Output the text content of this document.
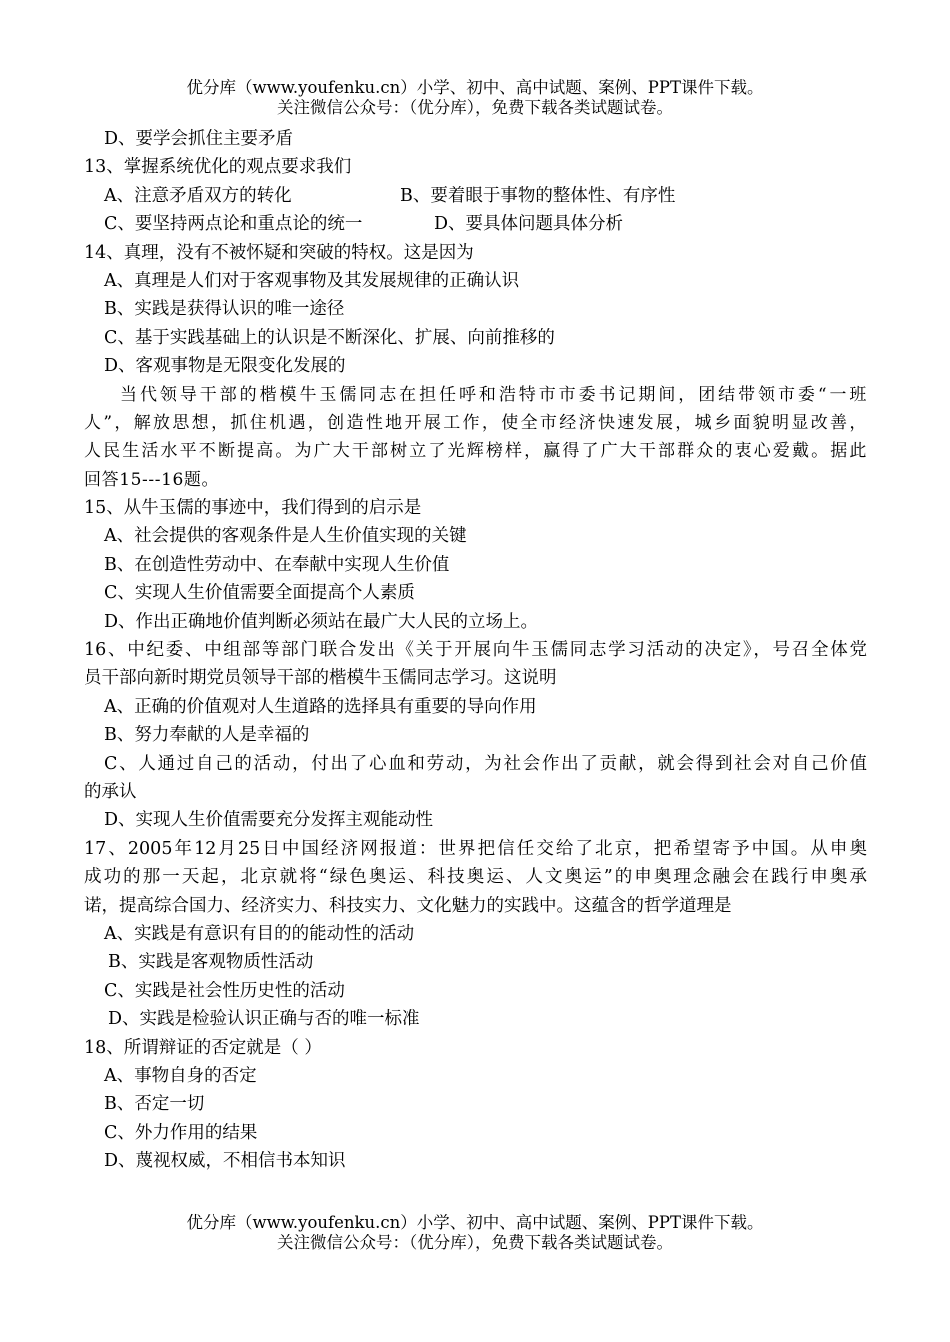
优分库（www.youfenku.cn）小学、初中、高中试题、案例、PPT课件下载。
关注微信公众号：（优分库），免费下载各类试题试卷。
D、要学会抓住主要矛盾
13、掌握系统优化的观点要求我们
A、注意矛盾双方的转化	B、要着眼于事物的整体性、有序性
C、要坚持两点论和重点论的统一	D、要具体问题具体分析
14、真理，没有不被怀疑和突破的特权。这是因为
A、真理是人们对于客观事物及其发展规律的正确认识
B、实践是获得认识的唯一途径
C、基于实践基础上的认识是不断深化、扩展、向前推移的
D、客观事物是无限变化发展的
当代领导干部的楷模牛玉儒同志在担任呼和浩特市市委书记期间，团结带领市委“一班
人”，解放思想，抓住机遇，创造性地开展工作，使全市经济快速发展，城乡面貌明显改善，
人民生活水平不断提高。为广大干部树立了光辉榜样，赢得了广大干部群众的衷心爱戴。据此
回答15---16题。
15、从牛玉儒的事迹中，我们得到的启示是
A、社会提供的客观条件是人生价值实现的关键
B、在创造性劳动中、在奉献中实现人生价值
C、实现人生价值需要全面提高个人素质
D、作出正确地价值判断必须站在最广大人民的立场上。
16、中纪委、中组部等部门联合发出《关于开展向牛玉儒同志学习活动的决定》，号召全体党
员干部向新时期党员领导干部的楷模牛玉儒同志学习。这说明
A、正确的价值观对人生道路的选择具有重要的导向作用
B、努力奉献的人是幸福的
C、人通过自己的活动，付出了心血和劳动，为社会作出了贡献，就会得到社会对自己价值
的承认
D、实现人生价值需要充分发挥主观能动性
17、2005年12月25日中国经济网报道：世界把信任交给了北京，把希望寄予中国。从申奥
成功的那一天起，北京就将“绿色奥运、科技奥运、人文奥运”的申奥理念融会在践行申奥承
诺，提高综合国力、经济实力、科技实力、文化魅力的实践中。这蕴含的哲学道理是
A、实践是有意识有目的的能动性的活动
B、实践是客观物质性活动
C、实践是社会性历史性的活动
D、实践是检验认识正确与否的唯一标准
18、所谓辩证的否定就是（ ）
A、事物自身的否定
B、否定一切
C、外力作用的结果
D、蔑视权威，不相信书本知识
优分库（www.youfenku.cn）小学、初中、高中试题、案例、PPT课件下载。
关注微信公众号：（优分库），免费下载各类试题试卷。
